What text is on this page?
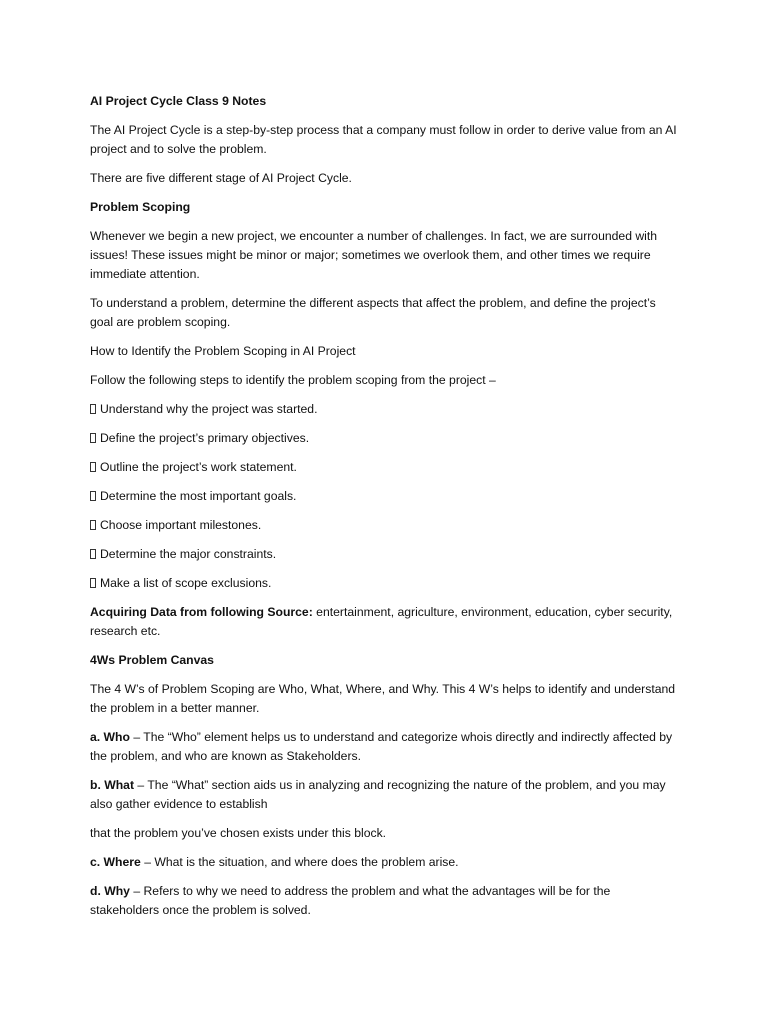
AI Project Cycle Class 9 Notes

The AI Project Cycle is a step-by-step process that a company must follow in order to derive value from an AI project and to solve the problem.

There are five different stage of AI Project Cycle.

Problem Scoping

Whenever we begin a new project, we encounter a number of challenges. In fact, we are surrounded with issues! These issues might be minor or major; sometimes we overlook them, and other times we require immediate attention.

To understand a problem, determine the different aspects that affect the problem, and define the project’s goal are problem scoping.

How to Identify the Problem Scoping in AI Project

Follow the following steps to identify the problem scoping from the project –

Understand why the project was started.

Define the project’s primary objectives.

Outline the project’s work statement.

Determine the most important goals.

Choose important milestones.

Determine the major constraints.

Make a list of scope exclusions.

Acquiring Data from following Source: entertainment, agriculture, environment, education, cyber security, research etc.

4Ws Problem Canvas

The 4 W’s of Problem Scoping are Who, What, Where, and Why. This 4 W’s helps to identify and understand the problem in a better manner.

a. Who – The “Who” element helps us to understand and categorize whois directly and indirectly affected by the problem, and who are known as Stakeholders.

b. What – The “What” section aids us in analyzing and recognizing the nature of the problem, and you may also gather evidence to establish

that the problem you’ve chosen exists under this block.

c. Where – What is the situation, and where does the problem arise.

d. Why – Refers to why we need to address the problem and what the advantages will be for the stakeholders once the problem is solved.
